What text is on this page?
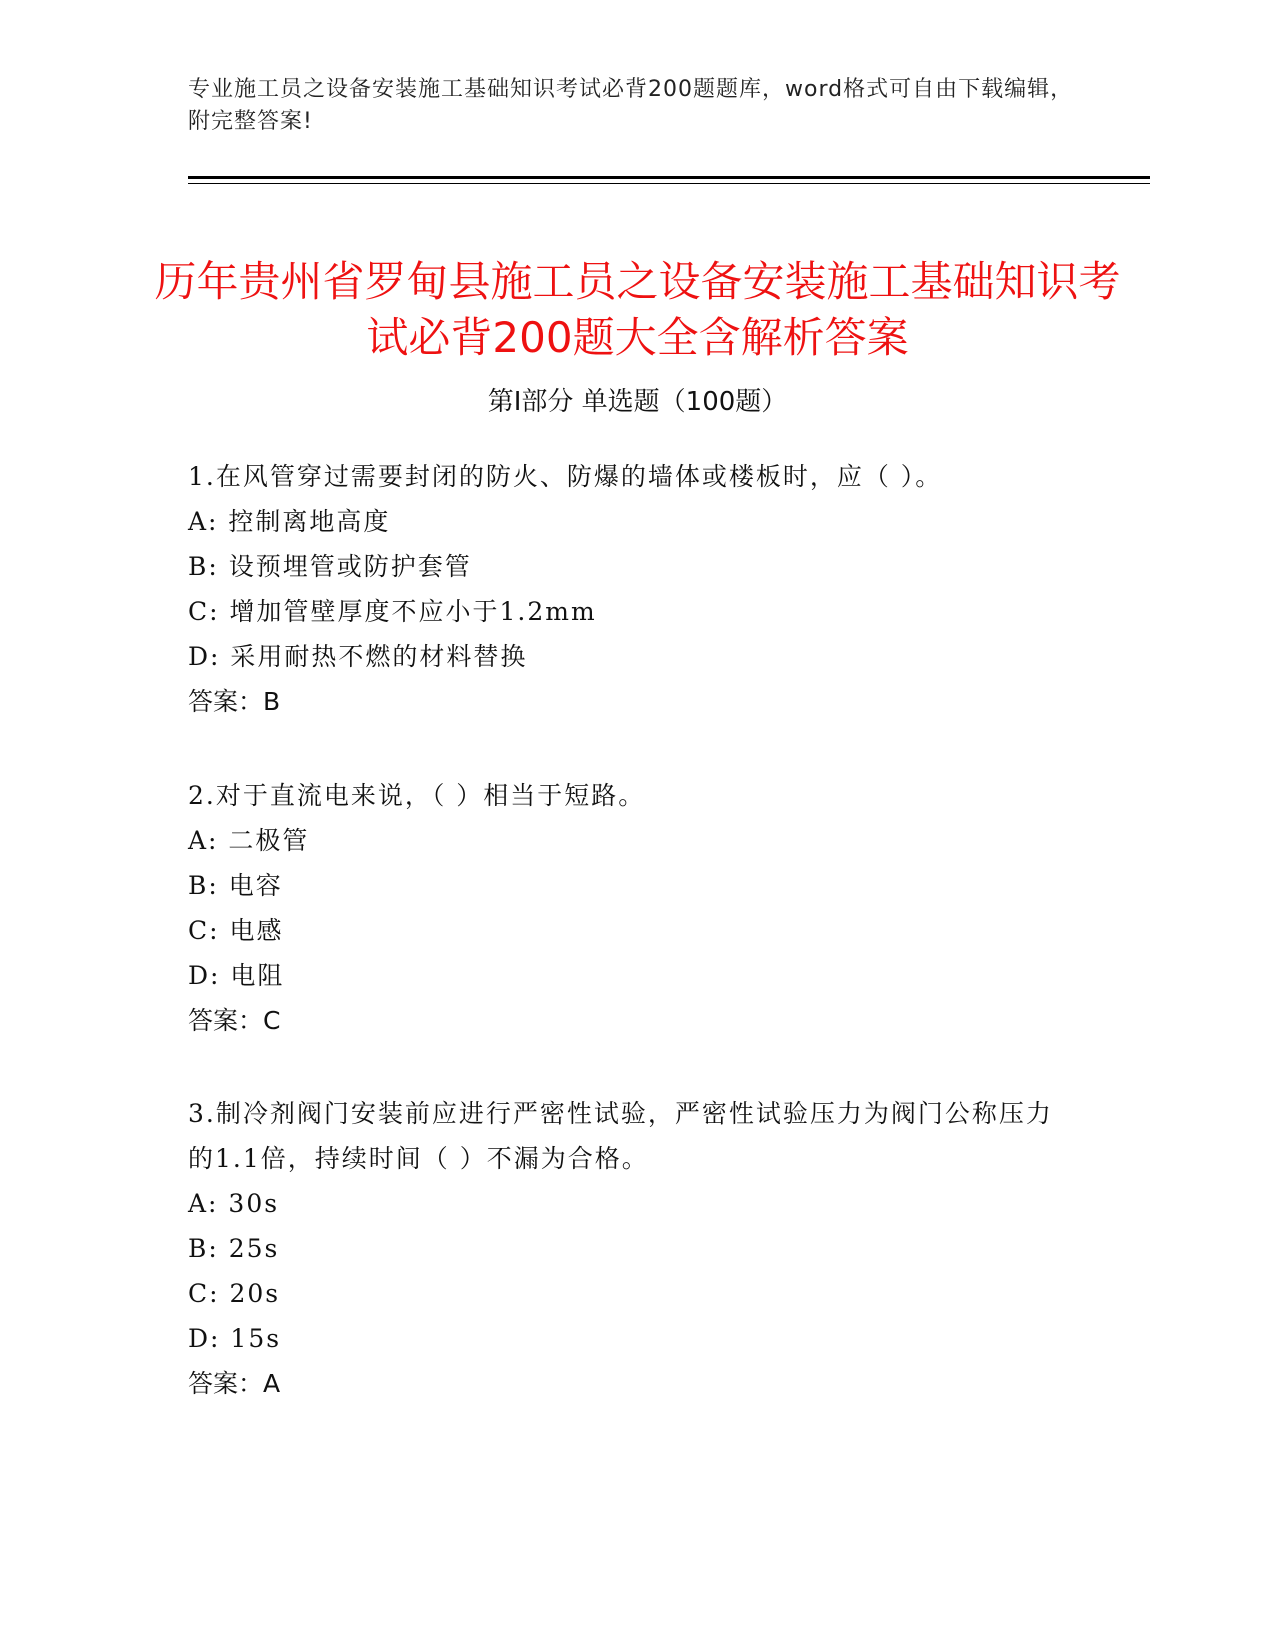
专业施工员之设备安装施工基础知识考试必背200题题库，word格式可自由下载编辑，附完整答案!
历年贵州省罗甸县施工员之设备安装施工基础知识考试必背200题大全含解析答案
第I部分 单选题（100题）

1.在风管穿过需要封闭的防火、防爆的墙体或楼板时，应（ ）。

A: 控制离地高度

B: 设预埋管或防护套管

C: 增加管壁厚度不应小于1.2mm

D: 采用耐热不燃的材料替换

答案：B

2.对于直流电来说，（ ）相当于短路。

A: 二极管

B: 电容

C: 电感

D: 电阻

答案：C

3.制冷剂阀门安装前应进行严密性试验，严密性试验压力为阀门公称压力的1.1倍，持续时间（ ）不漏为合格。

A: 30s

B: 25s

C: 20s

D: 15s

答案：A
